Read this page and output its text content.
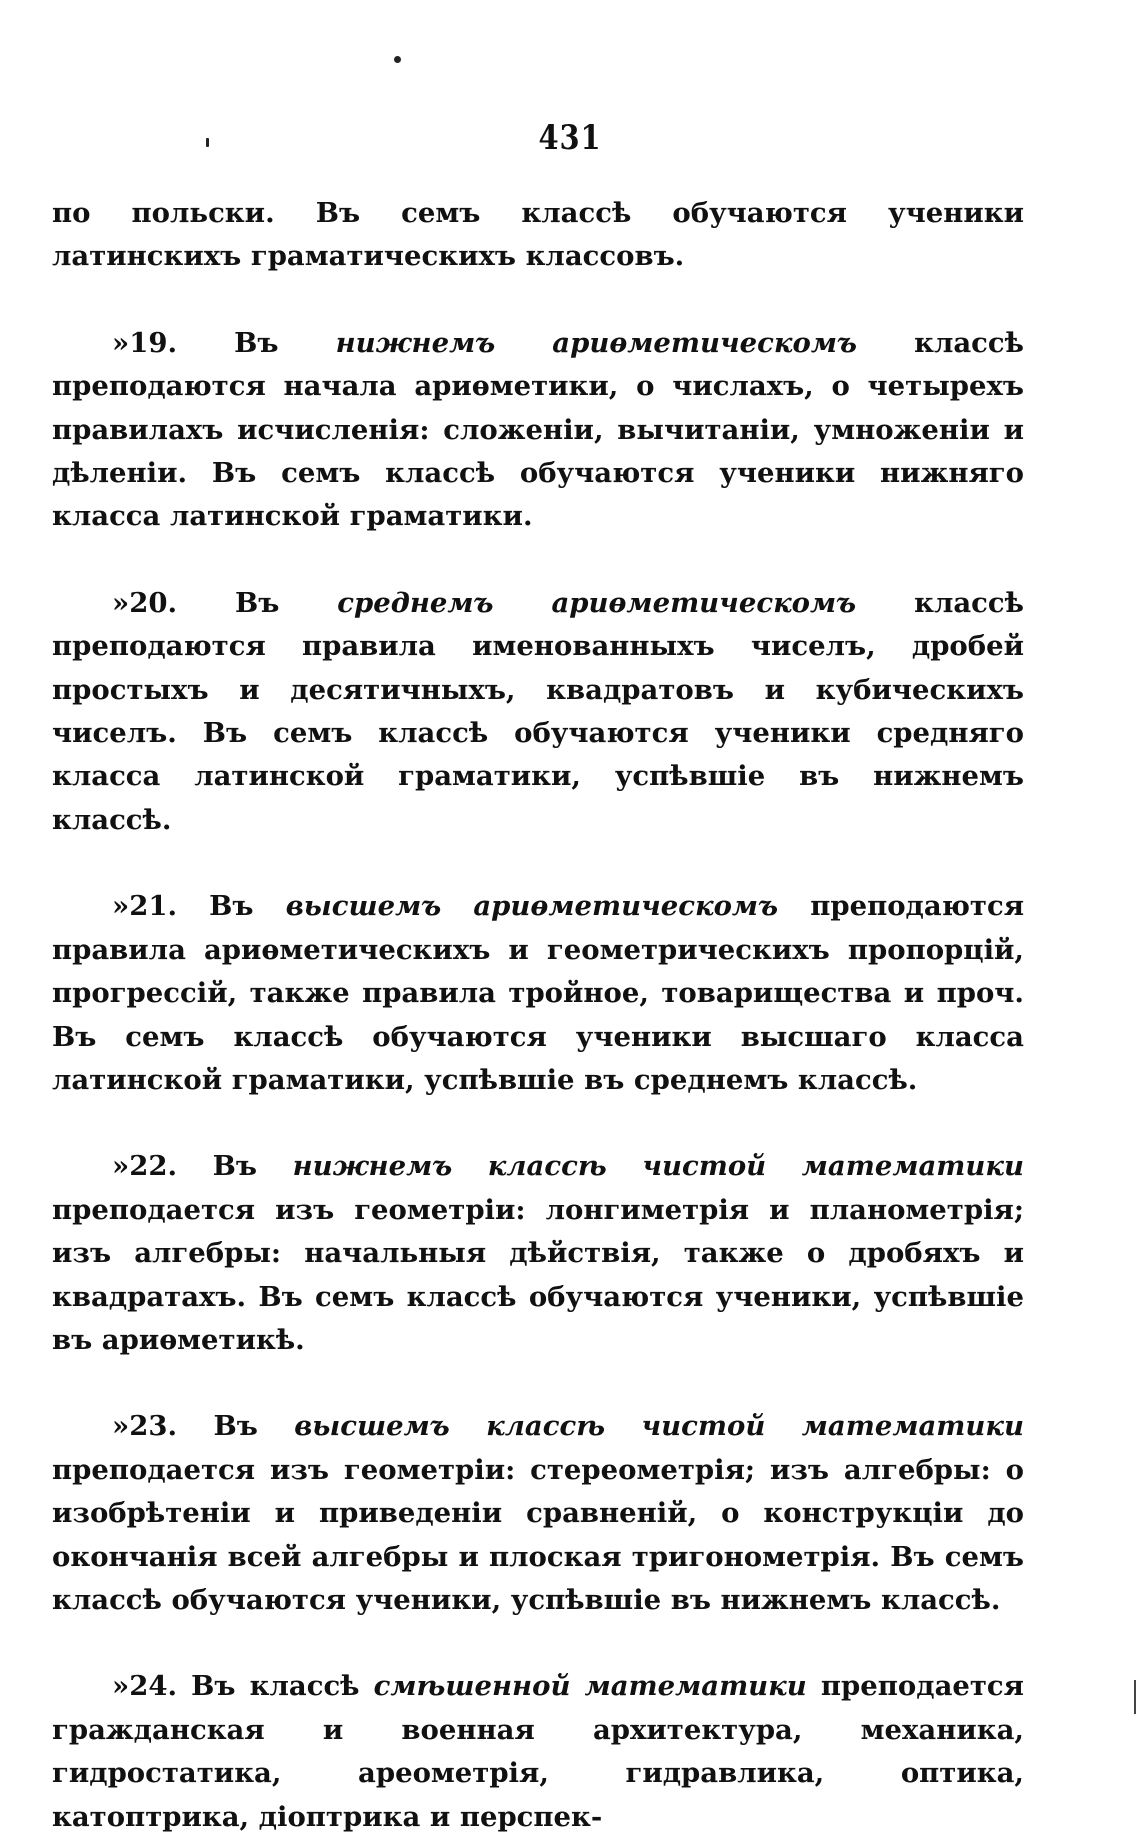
431

по польски. Въ семъ классѣ обучаются ученики латинскихъ граматическихъ классовъ.

»19. Въ нижнемъ ариѳметическомъ классѣ преподаются начала ариѳметики, о числахъ, о четырехъ правилахъ исчисленія: сложеніи, вычитаніи, умноженіи и дѣленіи. Въ семъ классѣ обучаются ученики нижняго класса латинской граматики.

»20. Въ среднемъ ариѳметическомъ классѣ преподаются правила именованныхъ чиселъ, дробей простыхъ и десятичныхъ, квадратовъ и кубическихъ чиселъ. Въ семъ классѣ обучаются ученики средняго класса латинской граматики, успѣвшіе въ нижнемъ классѣ.

»21. Въ высшемъ ариѳметическомъ преподаются правила ариѳметическихъ и геометрическихъ пропорцій, прогрессій, также правила тройное, товарищества и проч. Въ семъ классѣ обучаются ученики высшаго класса латинской граматики, успѣвшіе въ среднемъ классѣ.

»22. Въ нижнемъ классѣ чистой математики преподается изъ геометріи: лонгиметрія и планометрія; изъ алгебры: начальныя дѣйствія, также о дробяхъ и квадратахъ. Въ семъ классѣ обучаются ученики, успѣвшіе въ ариѳметикѣ.

»23. Въ высшемъ классѣ чистой математики преподается изъ геометріи: стереометрія; изъ алгебры: о изобрѣтеніи и приведеніи сравненій, о конструкціи до окончанія всей алгебры и плоская тригонометрія. Въ семъ классѣ обучаются ученики, успѣвшіе въ нижнемъ классѣ.

»24. Въ классѣ смѣшенной математики преподается гражданская и военная архитектура, механика, гидростатика, ареометрія, гидравлика, оптика, катоптрика, діоптрика и перспек-
